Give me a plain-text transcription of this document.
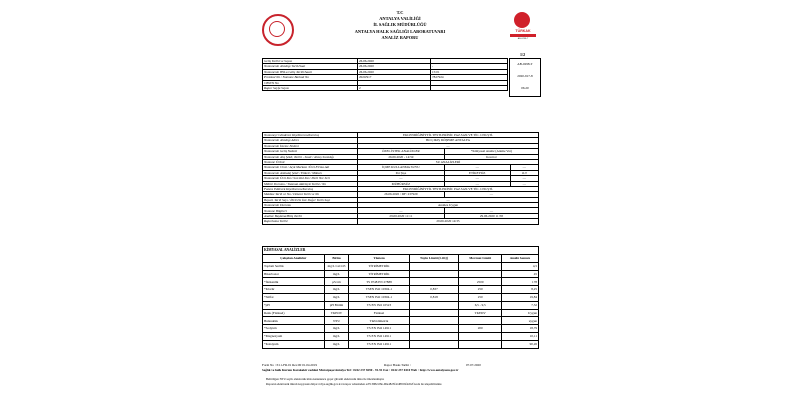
T.C
ANTALYA VALİLİĞİ
İL SAĞLIK MÜDÜRLÜĞÜ
ANTALYA HALK SAĞLIĞI LABORATUVARI
ANALİZ RAPORU
TÜRKAK
AB-0298-T
1/2
Geliş Tarihi ve Sayısı	26.06.2020	
Numunenin Alındığı Tarih/Saat	26.06.2020	-
Numunenin HSLa Geliş Tarihi/Saati	26.06.2020	15:01
Protokol No / Numune Barkod No	2020/917	78d7924
CBSVN No		
Rapor Sayfa Sayısı	2	
AB-0298-T
2020-917-8
06.20
Numuneyi Gönderen Kişi/Kurum/Kuruluş	EKLENDİĞİNİYTİL TESTLERİNİC PAZ.SAN.VE TİC. LTD.ŞTİ.		
Numunenin Alındığı Adres	BO ÇIKIŞ DÖŞEME ANTALYA		
Numunenin İsteme Nedeni	—		
Numunenin Geliş Nedeni	ÖZEL İSTEK ANALİZLER	*Kimyasal Analiz (Anime Var)	
Numunenin Alış Şekli, Tarihi - Saati / Alınış Sıcaklığı	26.06.2020 - 14:59	Kontrol	
Numune Ürünü	SU ANALİZLERİ		
Numunenin Cinsi / Açık Markası /Üret.Firma Adı	İÇME KULLANMA SUYU	—	—
Numunenin Ambalaj Şekli / Etiketi / Miktarı	Pet Şişe	ETİKETSİZ	1LT
Numunenin Üret.Tar./ Son Kul.Tar./ Parti No/ Seri	—	—	—
Mühür Durumu / Tutanak Aldeleyiz Tarihi / No	MÜHÜRSÜZ	—	—
Fatura Edilecek Kişi/Kurum/Kuruluş	EKLENDİĞİNİYTİL TESTLERİNİC PAZ.SAN.VE TİC. LTD.ŞTİ.		
Makbuz Tarih ve No / Dekont Tarih ve No	26.06.2020 / DF: 237929	—	
Bayatl. Tarih Sayı / İlleli De İste Değer Tarih Sayı	—		
Numunenin Durumu	Analize Uygun		
Numune Bilgileri	—	—	
Analize Başlama/Bitiş Tarihi	29.06.2020 11:11	29.06.2020 11:58	
Raporlama Tarihi	29.06.2020 14:35		
KİMYASAL ANALİZLER					
Çalışılan Analizler	Birim	Yöntem	Tayin Limiti (LOQ)	Mevzuat Limiti	Analiz Sonucu
Toplam Sertlik	mg/L CaCO3	TİTRİMETRİK			4,5
Bikarbonat	mg/L	TİTRİMETRİK			45
*İletkenlik	µS/cm	TS 9748 EN 27888		2500	178
*Klorür	mg/L	TSEN ISO 10304-1	0,837	250	8,25
*Sülfat	mg/L	TSEN ISO 10304-1	0,818	250	19,84
*pH	pH Birimi	TS EN ISO 10523		6,5 - 9,5	7,32
Renk (Fiziksel)	TKEDV	Fiziksel		TKEDV	Uygun
Bulanıklık	NTU	Türbidimetrik			uygun
*Sodyum	mg/L	TS EN ISO 14911		200	18,79
*Magnezyum	mg/L	TS EN ISO 14911			10,11
*Kalsiyum	mg/L	TS EN ISO 14911			90,26
Form No : P.11-FR.01 Rev.00 01.04.2019	Rapor Baskı Tarihi :	07.07.2020
Sağlık ve halk Kurum Karakakir caddesi Muratpaşa/Antalya Tel : 0242 237 8290 - 91-91 Fax : 0242 237 0410 Web : http://www.antalyasm.gov.tr
Belirtilgen NTU sayılı elektronik imza kanununca geçer güvenli elektronik imza ile imzalanmıştır.
Raporun elektronik imzalı kopyasına https://ebys.saglik.gov.tr/ewrapor adresinden ed713982-08e-96a4825f4cd8b5bf4452f koda ile ulaşabilirsiniz.
